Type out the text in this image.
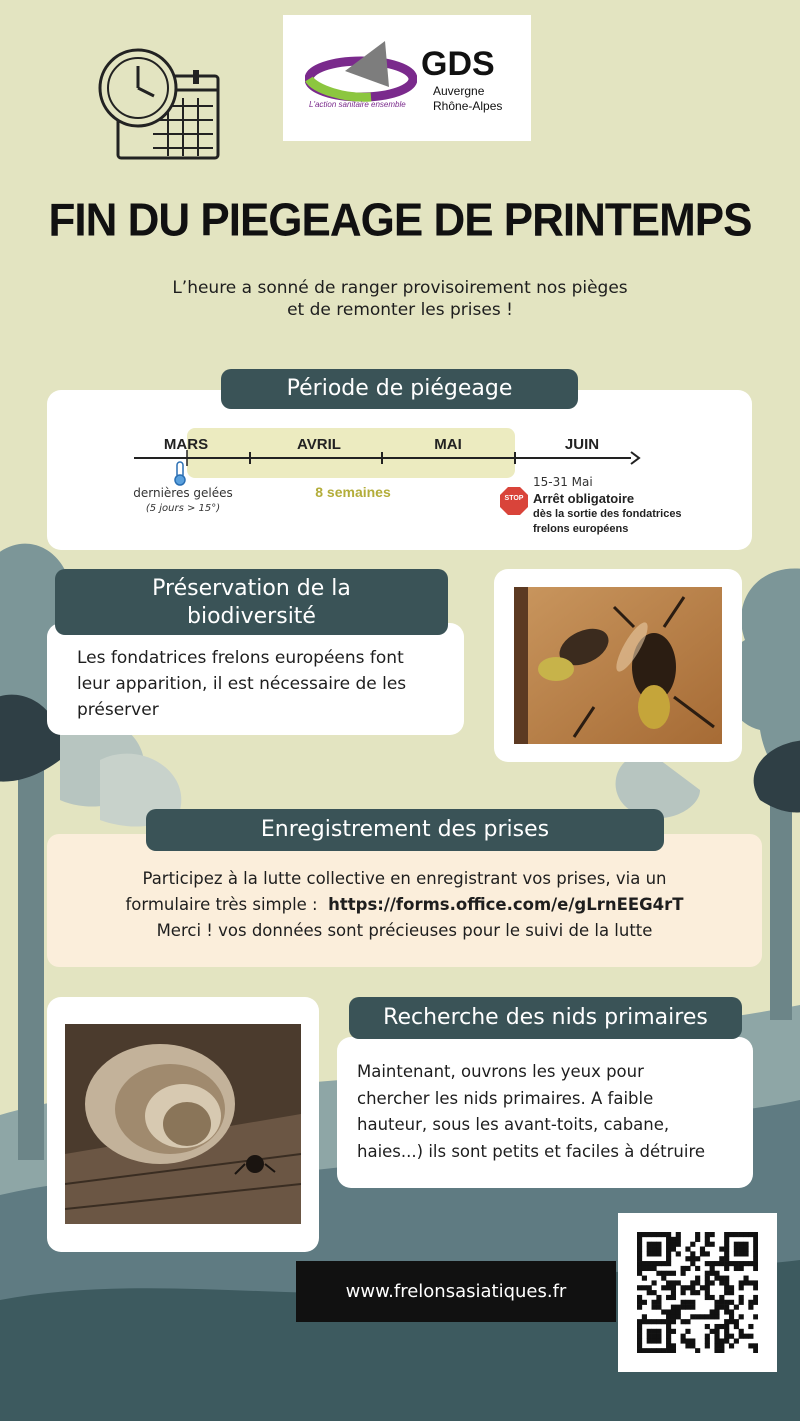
GDS
Auvergne
Rhône-Alpes
L'action sanitaire ensemble
FIN DU PIEGEAGE DE PRINTEMPS
L’heure a sonné de ranger provisoirement nos pièges
et de remonter les prises !
MARS	AVRIL	MAI	JUIN
dernières gelées
(5 jours > 15°)
8 semaines	STOP
15-31 Mai
Arrêt obligatoire
dès la sortie des fondatrices
frelons européens
Période de piégeage
Les fondatrices frelons européens font
leur apparition, il est nécessaire de les
préserver
Préservation de la
biodiversité
Participez à la lutte collective en enregistrant vos prises, via un
formulaire très simple : https://forms.office.com/e/gLrnEEG4rT
Merci ! vos données sont précieuses pour le suivi de la lutte
Enregistrement des prises
Maintenant, ouvrons les yeux pour
chercher les nids primaires. A faible
hauteur, sous les avant-toits, cabane,
haies...) ils sont petits et faciles à détruire
Recherche des nids primaires
www.frelonsasiatiques.fr
